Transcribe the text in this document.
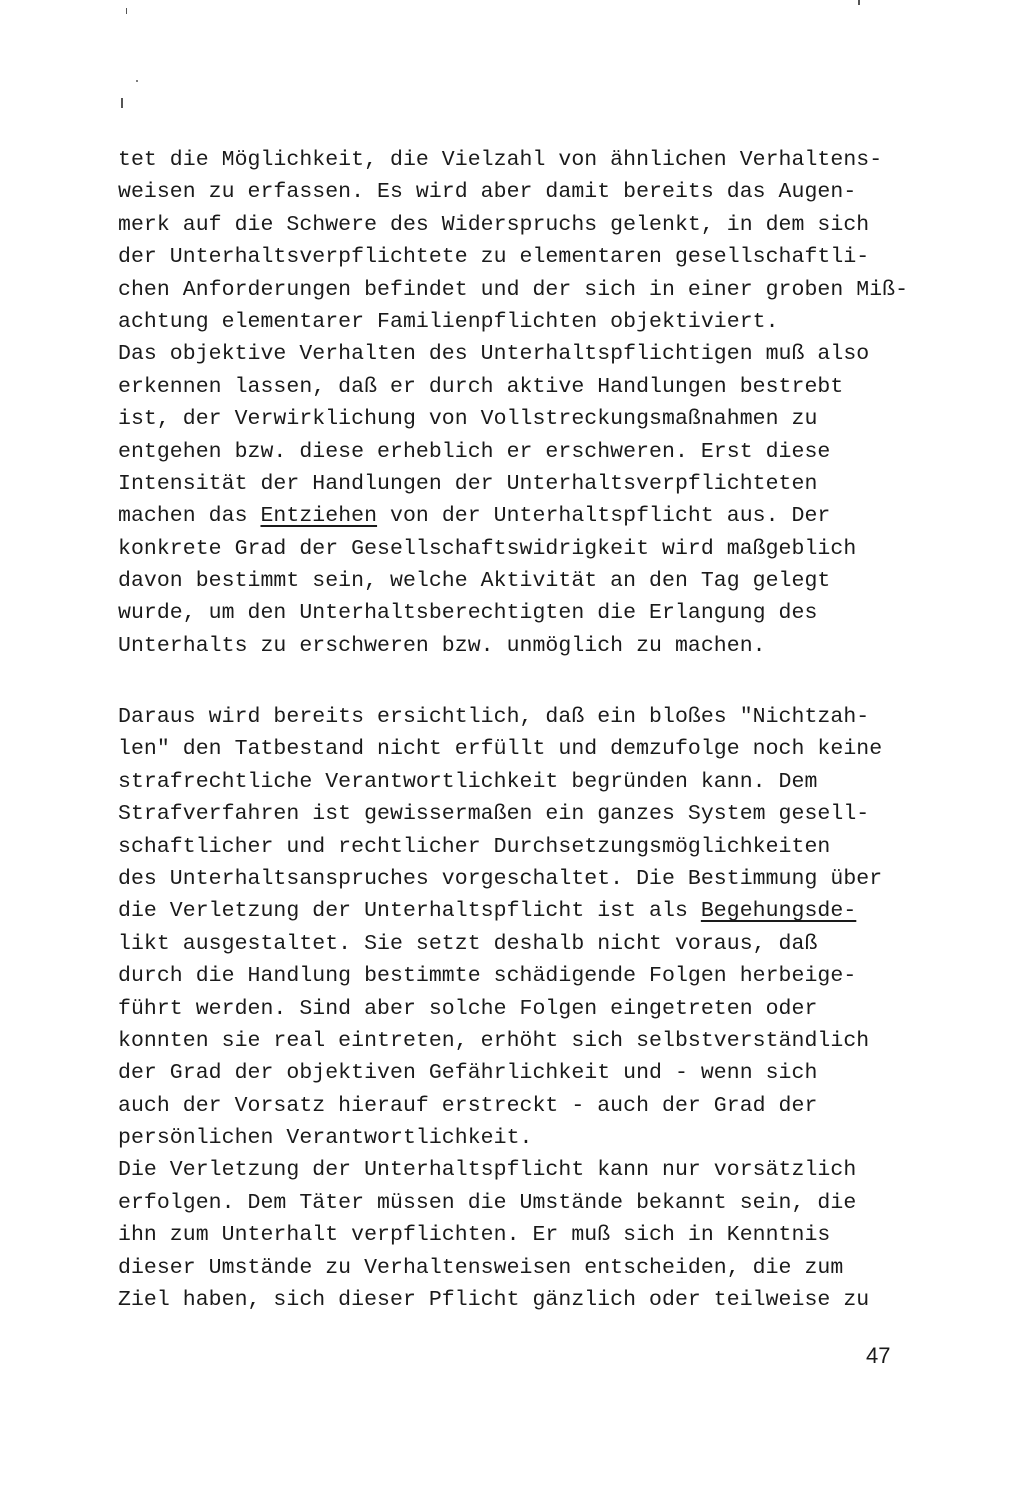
tet die Möglichkeit, die Vielzahl von ähnlichen Verhaltens-
weisen zu erfassen. Es wird aber damit bereits das Augen-
merk auf die Schwere des Widerspruchs gelenkt, in dem sich
der Unterhaltsverpflichtete zu elementaren gesellschaftli-
chen Anforderungen befindet und der sich in einer groben Miß-
achtung elementarer Familienpflichten objektiviert.
Das objektive Verhalten des Unterhaltspflichtigen muß also
erkennen lassen, daß er durch aktive Handlungen bestrebt
ist, der Verwirklichung von Vollstreckungsmaßnahmen zu
entgehen bzw. diese erheblich er erschweren. Erst diese
Intensität der Handlungen der Unterhaltsverpflichteten
machen das Entziehen von der Unterhaltspflicht aus. Der
konkrete Grad der Gesellschaftswidrigkeit wird maßgeblich
davon bestimmt sein, welche Aktivität an den Tag gelegt
wurde, um den Unterhaltsberechtigten die Erlangung des
Unterhalts zu erschweren bzw. unmöglich zu machen.
Daraus wird bereits ersichtlich, daß ein bloßes "Nichtzah-
len" den Tatbestand nicht erfüllt und demzufolge noch keine
strafrechtliche Verantwortlichkeit begründen kann. Dem
Strafverfahren ist gewissermaßen ein ganzes System gesell-
schaftlicher und rechtlicher Durchsetzungsmöglichkeiten
des Unterhaltsanspruches vorgeschaltet. Die Bestimmung über
die Verletzung der Unterhaltspflicht ist als Begehungsde-
likt ausgestaltet. Sie setzt deshalb nicht voraus, daß
durch die Handlung bestimmte schädigende Folgen herbeige-
führt werden. Sind aber solche Folgen eingetreten oder
konnten sie real eintreten, erhöht sich selbstverständlich
der Grad der objektiven Gefährlichkeit und - wenn sich
auch der Vorsatz hierauf erstreckt - auch der Grad der
persönlichen Verantwortlichkeit.
Die Verletzung der Unterhaltspflicht kann nur vorsätzlich
erfolgen. Dem Täter müssen die Umstände bekannt sein, die
ihn zum Unterhalt verpflichten. Er muß sich in Kenntnis
dieser Umstände zu Verhaltensweisen entscheiden, die zum
Ziel haben, sich dieser Pflicht gänzlich oder teilweise zu
47
